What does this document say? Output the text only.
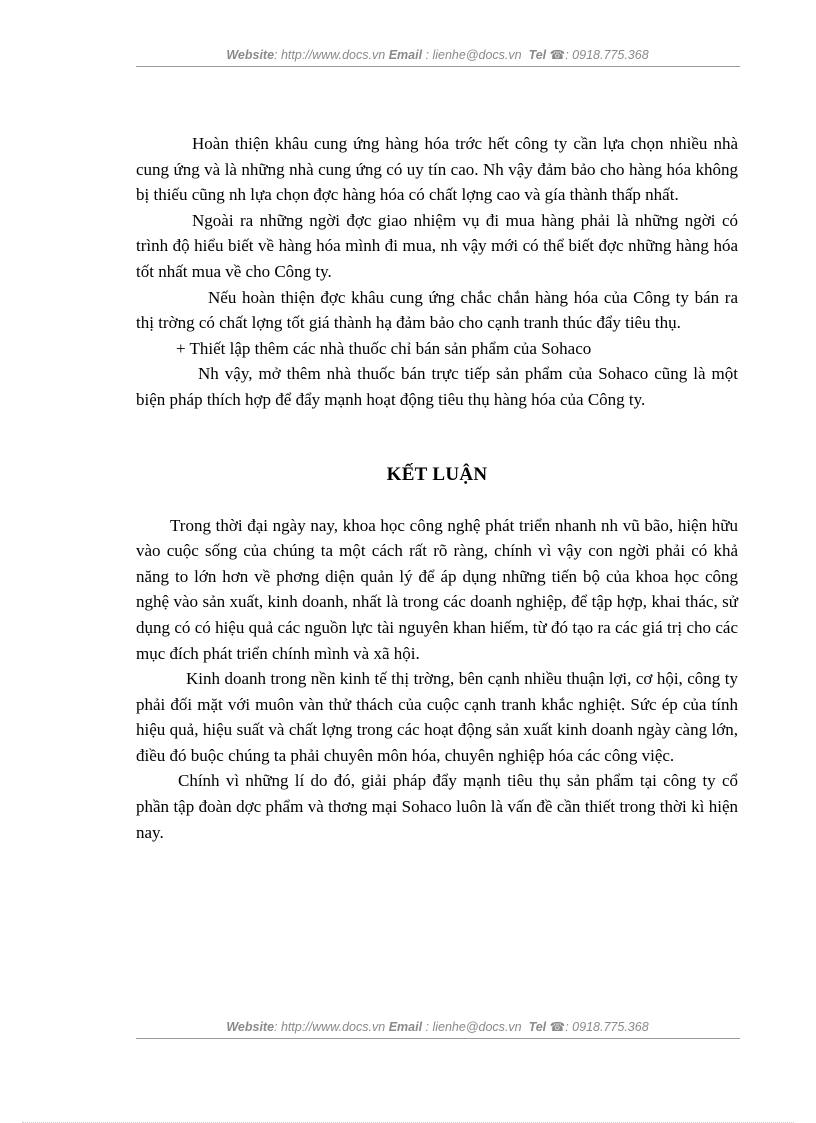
Website: http://www.docs.vn Email : lienhe@docs.vn Tel ☎: 0918.775.368

Hoàn thiện khâu cung ứng hàng hóa trớc hết công ty cần lựa chọn nhiều nhà cung ứng và là những nhà cung ứng có uy tín cao. Nh vậy đảm bảo cho hàng hóa không bị thiếu cũng nh lựa chọn đợc hàng hóa có chất lợng cao và gía thành thấp nhất.

Ngoài ra những ngời đợc giao nhiệm vụ đi mua hàng phải là những ngời có trình độ hiểu biết về hàng hóa mình đi mua, nh vậy mới có thể biết đợc những hàng hóa tốt nhất mua về cho Công ty.

Nếu hoàn thiện đợc khâu cung ứng chắc chắn hàng hóa của Công ty bán ra thị trờng có chất lợng tốt giá thành hạ đảm bảo cho cạnh tranh thúc đẩy tiêu thụ.

+ Thiết lập thêm các nhà thuốc chỉ bán sản phẩm của Sohaco

Nh vậy, mở thêm nhà thuốc bán trực tiếp sản phẩm của Sohaco cũng là một biện pháp thích hợp để đẩy mạnh hoạt động tiêu thụ hàng hóa của Công ty.

KẾT LUẬN

Trong thời đại ngày nay, khoa học công nghệ phát triển nhanh nh vũ bão, hiện hữu vào cuộc sống của chúng ta một cách rất rõ ràng, chính vì vậy con ngời phải có khả năng to lớn hơn về phơng diện quản lý để áp dụng những tiến bộ của khoa học công nghệ vào sản xuất, kinh doanh, nhất là trong các doanh nghiệp, để tập hợp, khai thác, sử dụng có có hiệu quả các nguồn lực tài nguyên khan hiếm, từ đó tạo ra các giá trị cho các mục đích phát triển chính mình và xã hội.

Kinh doanh trong nền kinh tế thị trờng, bên cạnh nhiều thuận lợi, cơ hội, công ty phải đối mặt với muôn vàn thử thách của cuộc cạnh tranh khắc nghiệt. Sức ép của tính hiệu quả, hiệu suất và chất lợng trong các hoạt động sản xuất kinh doanh ngày càng lớn, điều đó buộc chúng ta phải chuyên môn hóa, chuyên nghiệp hóa các công việc.

Chính vì những lí do đó, giải pháp đẩy mạnh tiêu thụ sản phẩm tại công ty cổ phần tập đoàn dợc phẩm và thơng mại Sohaco luôn là vấn đề cần thiết trong thời kì hiện nay.

Website: http://www.docs.vn Email : lienhe@docs.vn Tel ☎: 0918.775.368
